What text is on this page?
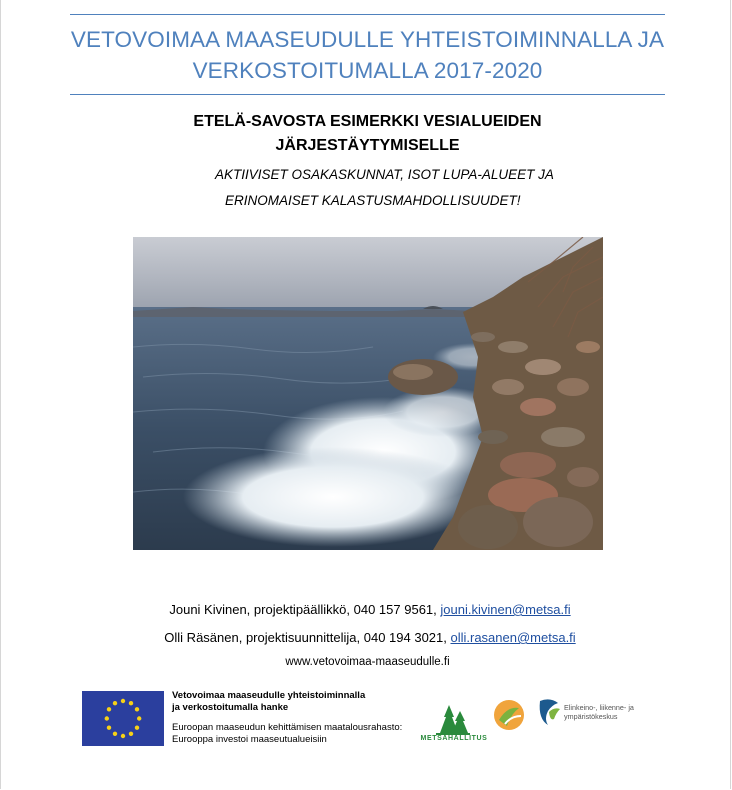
VETOVOIMAA MAASEUDULLE YHTEISTOIMINNALLA JA
VERKOSTOITUMALLA 2017-2020
ETELÄ-SAVOSTA ESIMERKKI VESIALUEIDEN
JÄRJESTÄYTYMISELLE
AKTIIVISET OSAKASKUNNAT, ISOT LUPA-ALUEET JA
ERINOMAISET KALASTUSMAHDOLLISUUDET!
Jouni Kivinen, projektipäällikkö, 040 157 9561, jouni.kivinen@metsa.fi
Olli Räsänen, projektisuunnittelija, 040 194 3021, olli.rasanen@metsa.fi
www.vetovoimaa-maaseudulle.fi
Vetovoimaa maaseudulle yhteistoiminnalla
ja verkostoitumalla hanke
Euroopan maaseudun kehittämisen maatalousrahasto:
Eurooppa investoi maaseutualueisiin	METSÄHALLITUS
Elinkeino-, liikenne- ja
ympäristökeskus
